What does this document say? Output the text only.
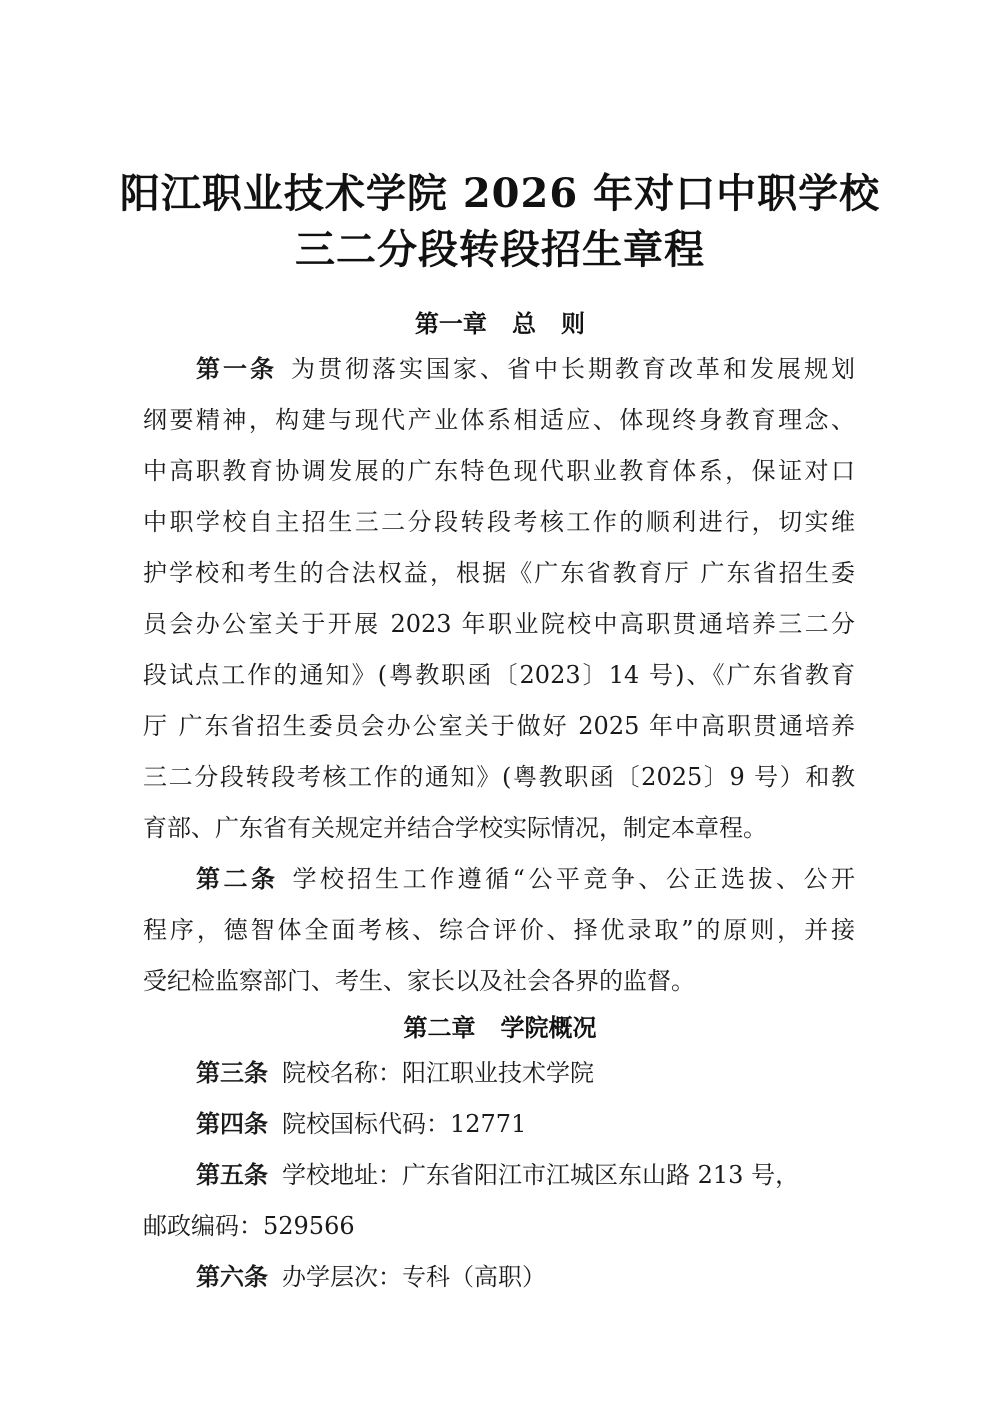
阳江职业技术学院 2026 年对口中职学校
三二分段转段招生章程
第一章   总   则
第一条 为贯彻落实国家、省中长期教育改革和发展规划
纲要精神，构建与现代产业体系相适应、体现终身教育理念、
中高职教育协调发展的广东特色现代职业教育体系，保证对口
中职学校自主招生三二分段转段考核工作的顺利进行，切实维
护学校和考生的合法权益，根据《广东省教育厅 广东省招生委
员会办公室关于开展 2023 年职业院校中高职贯通培养三二分
段试点工作的通知》(粤教职函〔2023〕14 号)、《广东省教育
厅 广东省招生委员会办公室关于做好 2025 年中高职贯通培养
三二分段转段考核工作的通知》(粤教职函〔2025〕9 号）和教
育部、广东省有关规定并结合学校实际情况，制定本章程。
第二条 学校招生工作遵循“公平竞争、公正选拔、公开
程序，德智体全面考核、综合评价、择优录取”的原则，并接
受纪检监察部门、考生、家长以及社会各界的监督。
第二章   学院概况
第三条 院校名称：阳江职业技术学院
第四条 院校国标代码：12771
第五条 学校地址：广东省阳江市江城区东山路 213 号，
邮政编码：529566
第六条 办学层次：专科（高职）
